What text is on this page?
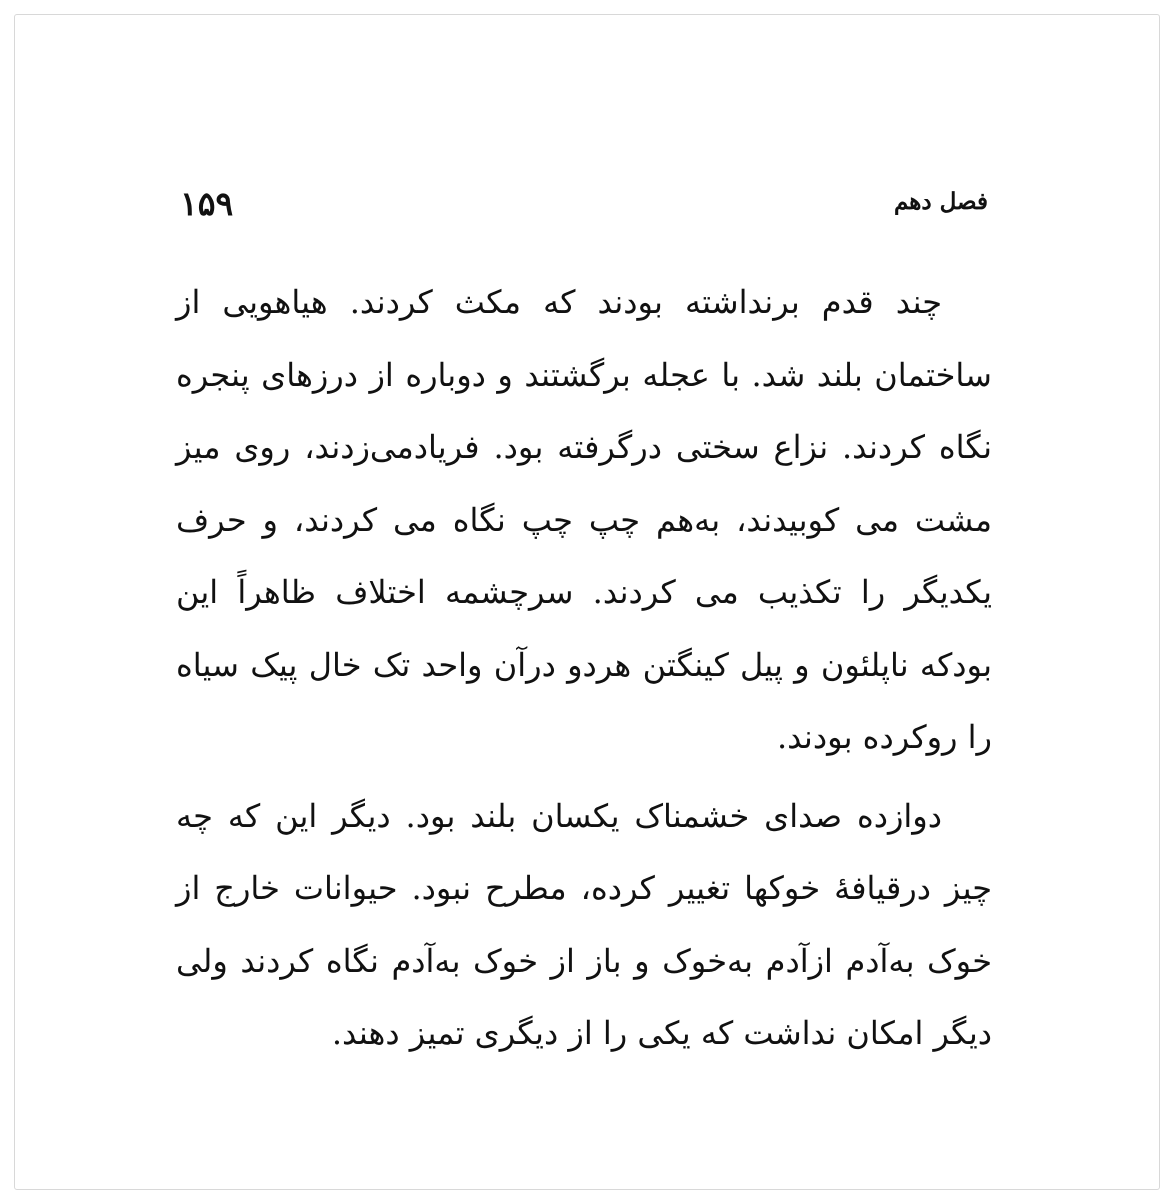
فصل دهم
۱۵۹

چند قدم برنداشته بودند که مکث کردند. هیاهویی از ساختمان بلند شد. با عجله برگشتند و دوباره از درزهای پنجره نگاه کردند. نزاع سختی درگرفته بود. فریادمی‌زدند، روی میز مشت می کوبیدند، به‌هم چپ چپ نگاه می کردند، و حرف یکدیگر را تکذیب می کردند. سرچشمه اختلاف ظاهراً این بودکه ناپلئون و پیل کینگتن هردو درآن واحد تک خال پیک سیاه را روکرده بودند.

دوازده صدای خشمناک یکسان بلند بود. دیگر این که چه چیز درقیافهٔ خوکها تغییر کرده، مطرح نبود. حیوانات خارج از خوک به‌آدم ازآدم به‌خوک و باز از خوک به‌آدم نگاه کردند ولی دیگر امکان نداشت که یکی را از دیگری تمیز دهند.
